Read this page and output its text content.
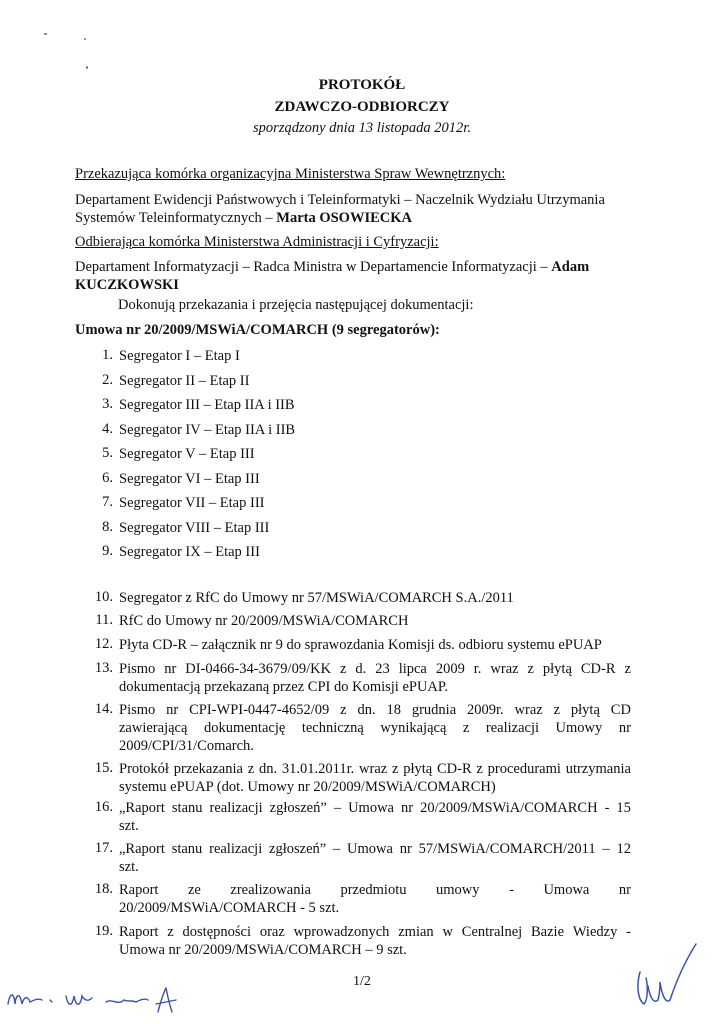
PROTOKÓŁ
ZDAWCZO-ODBIORCZY
sporządzony dnia 13 listopada 2012r.
Przekazująca komórka organizacyjna Ministerstwa Spraw Wewnętrznych:
Departament Ewidencji Państwowych i Teleinformatyki – Naczelnik Wydziału Utrzymania
Systemów Teleinformatycznych – Marta OSOWIECKA
Odbierająca komórka Ministerstwa Administracji i Cyfryzacji:
Departament Informatyzacji – Radca Ministra w Departamencie Informatyzacji – Adam
KUCZKOWSKI
Dokonują przekazania i przejęcia następującej dokumentacji:
Umowa nr 20/2009/MSWiA/COMARCH (9 segregatorów):
1. Segregator I – Etap I
2. Segregator II – Etap II
3. Segregator III – Etap IIA i IIB
4. Segregator IV – Etap IIA i IIB
5. Segregator V – Etap III
6. Segregator VI – Etap III
7. Segregator VII – Etap III
8. Segregator VIII – Etap III
9. Segregator IX – Etap III
10. Segregator z RfC do Umowy nr 57/MSWiA/COMARCH S.A./2011
11. RfC do Umowy nr 20/2009/MSWiA/COMARCH
12. Płyta CD-R – załącznik nr 9 do sprawozdania Komisji ds. odbioru systemu ePUAP
13. Pismo nr DI-0466-34-3679/09/KK z d. 23 lipca 2009 r. wraz z płytą CD-R z
dokumentacją przekazaną przez CPI do Komisji ePUAP.
14. Pismo nr CPI-WPI-0447-4652/09 z dn. 18 grudnia 2009r. wraz z płytą CD
zawierającą dokumentację techniczną wynikającą z realizacji Umowy nr
2009/CPI/31/Comarch.
15. Protokół przekazania z dn. 31.01.2011r. wraz z płytą CD-R z procedurami utrzymania
systemu ePUAP (dot. Umowy nr 20/2009/MSWiA/COMARCH)
16. „Raport stanu realizacji zgłoszeń” – Umowa nr 20/2009/MSWiA/COMARCH - 15
szt.
17. „Raport stanu realizacji zgłoszeń” – Umowa nr 57/MSWiA/COMARCH/2011 – 12
szt.
18. Raport ze zrealizowania przedmiotu umowy - Umowa nr
20/2009/MSWiA/COMARCH - 5 szt.
19. Raport z dostępności oraz wprowadzonych zmian w Centralnej Bazie Wiedzy -
Umowa nr 20/2009/MSWiA/COMARCH – 9 szt.
1/2
